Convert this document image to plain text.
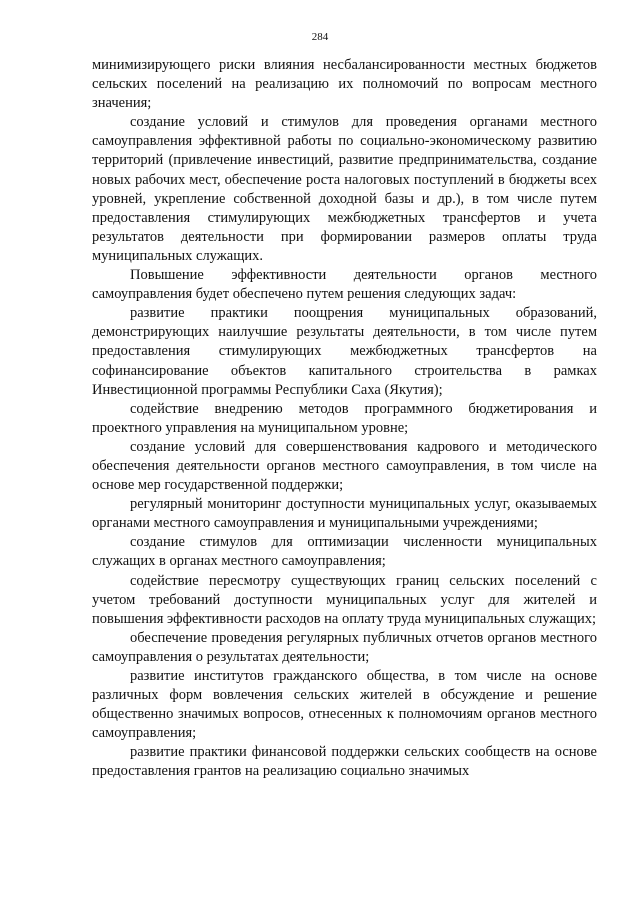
284

минимизирующего риски влияния несбалансированности местных бюджетов сельских поселений на реализацию их полномочий по вопросам местного значения;

создание условий и стимулов для проведения органами местного самоуправления эффективной работы по социально-экономическому развитию территорий (привлечение инвестиций, развитие предпринимательства, создание новых рабочих мест, обеспечение роста налоговых поступлений в бюджеты всех уровней, укрепление собственной доходной базы и др.), в том числе путем предоставления стимулирующих межбюджетных трансфертов и учета результатов деятельности при формировании размеров оплаты труда муниципальных служащих.

Повышение эффективности деятельности органов местного самоуправления будет обеспечено путем решения следующих задач:

развитие практики поощрения муниципальных образований, демонстрирующих наилучшие результаты деятельности, в том числе путем предоставления стимулирующих межбюджетных трансфертов на софинансирование объектов капитального строительства в рамках Инвестиционной программы Республики Саха (Якутия);

содействие внедрению методов программного бюджетирования и проектного управления на муниципальном уровне;

создание условий для совершенствования кадрового и методического обеспечения деятельности органов местного самоуправления, в том числе на основе мер государственной поддержки;

регулярный мониторинг доступности муниципальных услуг, оказываемых органами местного самоуправления и муниципальными учреждениями;

создание стимулов для оптимизации численности муниципальных служащих в органах местного самоуправления;

содействие пересмотру существующих границ сельских поселений с учетом требований доступности муниципальных услуг для жителей и повышения эффективности расходов на оплату труда муниципальных служащих;

обеспечение проведения регулярных публичных отчетов органов местного самоуправления о результатах деятельности;

развитие институтов гражданского общества, в том числе на основе различных форм вовлечения сельских жителей в обсуждение и решение общественно значимых вопросов, отнесенных к полномочиям органов местного самоуправления;

развитие практики финансовой поддержки сельских сообществ на основе предоставления грантов на реализацию социально значимых
